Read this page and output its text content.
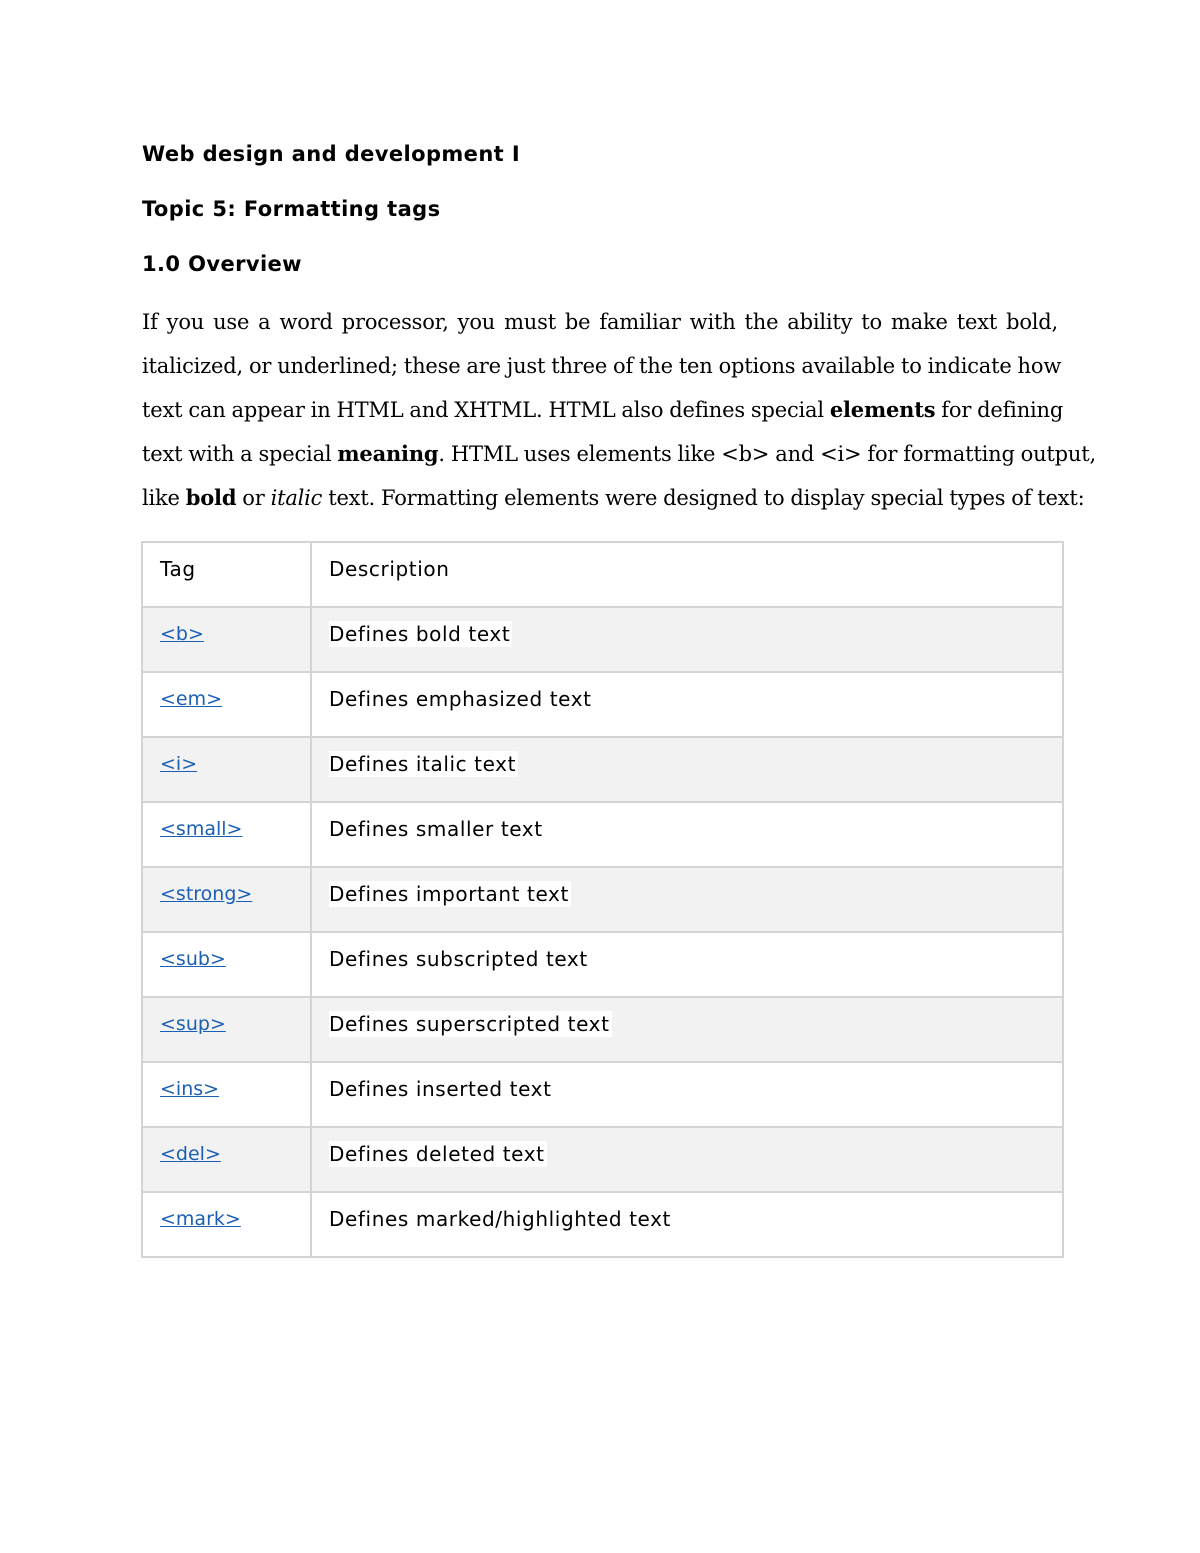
Web design and development I
Topic 5: Formatting tags
1.0 Overview

If you use a word processor, you must be familiar with the ability to make text bold,
italicized, or underlined; these are just three of the ten options available to indicate how
text can appear in HTML and XHTML. HTML also defines special elements for defining
text with a special meaning. HTML uses elements like <b> and <i> for formatting output,
like bold or italic text. Formatting elements were designed to display special types of text:

Tag	Description
<b>	Defines bold text
<em>	Defines emphasized text
<i>	Defines italic text
<small>	Defines smaller text
<strong>	Defines important text
<sub>	Defines subscripted text
<sup>	Defines superscripted text
<ins>	Defines inserted text
<del>	Defines deleted text
<mark>	Defines marked/highlighted text
